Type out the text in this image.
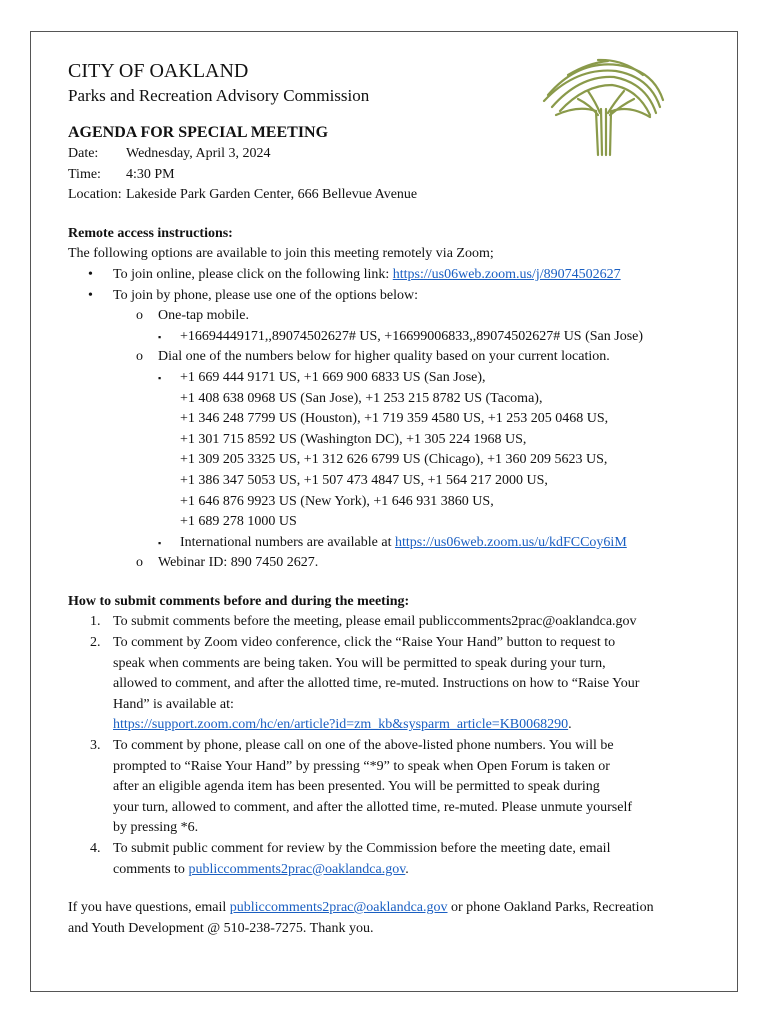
CITY OF OAKLAND
Parks and Recreation Advisory Commission
AGENDA FOR SPECIAL MEETING
Date:	Wednesday, April 3, 2024
Time:	4:30 PM
Location: Lakeside Park Garden Center, 666 Bellevue Avenue
Remote access instructions:
The following options are available to join this meeting remotely via Zoom;
• To join online, please click on the following link: https://us06web.zoom.us/j/89074502627
• To join by phone, please use one of the options below:
o One-tap mobile.
▪ +16694449171,,89074502627# US, +16699006833,,89074502627# US (San Jose)
o Dial one of the numbers below for higher quality based on your current location.
▪ +1 669 444 9171 US, +1 669 900 6833 US (San Jose),
+1 408 638 0968 US (San Jose), +1 253 215 8782 US (Tacoma),
+1 346 248 7799 US (Houston), +1 719 359 4580 US, +1 253 205 0468 US,
+1 301 715 8592 US (Washington DC), +1 305 224 1968 US,
+1 309 205 3325 US, +1 312 626 6799 US (Chicago), +1 360 209 5623 US,
+1 386 347 5053 US, +1 507 473 4847 US, +1 564 217 2000 US,
+1 646 876 9923 US (New York), +1 646 931 3860 US,
+1 689 278 1000 US
▪ International numbers are available at https://us06web.zoom.us/u/kdFCCoy6iM
o Webinar ID: 890 7450 2627.
How to submit comments before and during the meeting:
1. To submit comments before the meeting, please email publiccomments2prac@oaklandca.gov
2. To comment by Zoom video conference, click the “Raise Your Hand” button to request to
speak when comments are being taken. You will be permitted to speak during your turn,
allowed to comment, and after the allotted time, re-muted. Instructions on how to “Raise Your
Hand” is available at:
https://support.zoom.com/hc/en/article?id=zm_kb&sysparm_article=KB0068290.
3. To comment by phone, please call on one of the above-listed phone numbers. You will be
prompted to “Raise Your Hand” by pressing “*9” to speak when Open Forum is taken or
after an eligible agenda item has been presented. You will be permitted to speak during
your turn, allowed to comment, and after the allotted time, re-muted. Please unmute yourself
by pressing *6.
4. To submit public comment for review by the Commission before the meeting date, email
comments to publiccomments2prac@oaklandca.gov.
If you have questions, email publiccomments2prac@oaklandca.gov or phone Oakland Parks, Recreation
and Youth Development @ 510-238-7275. Thank you.
